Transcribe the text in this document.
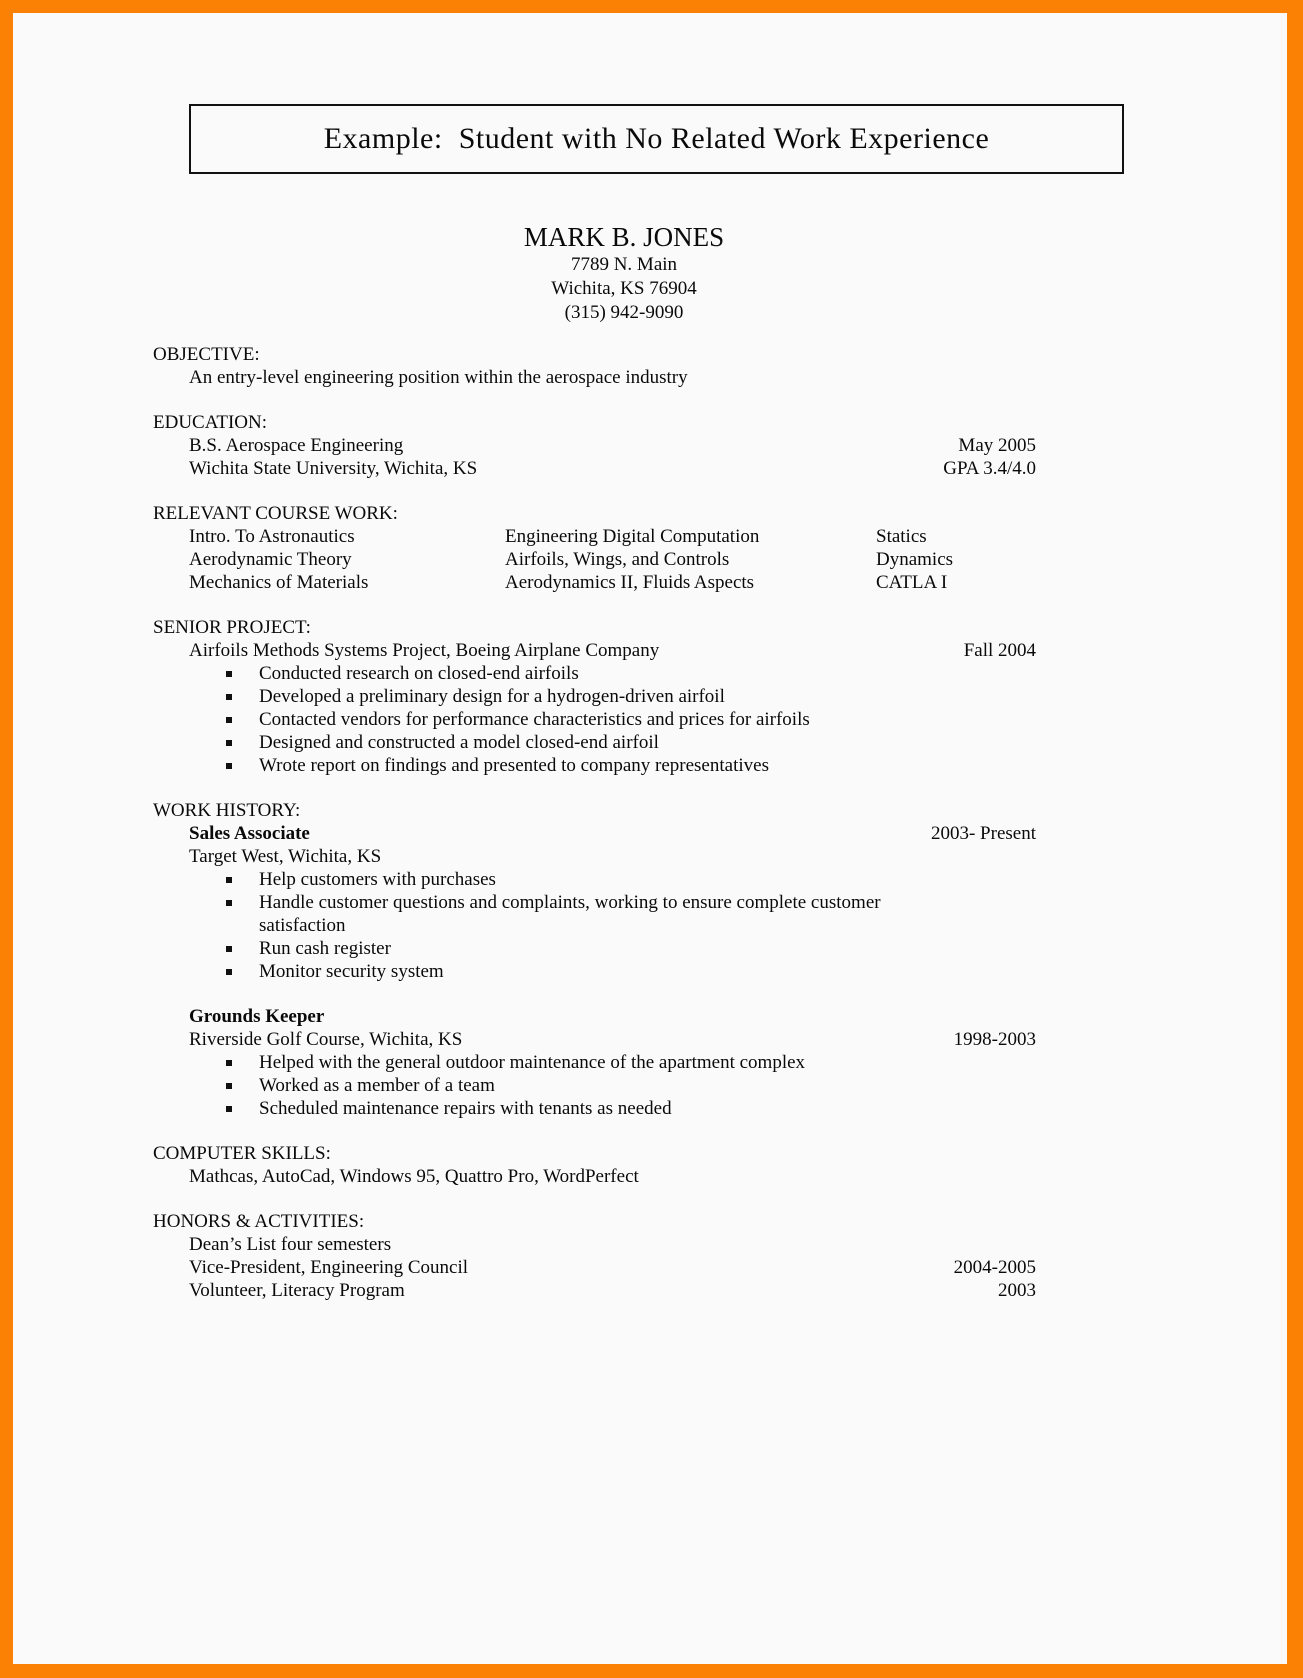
Example:  Student with No Related Work Experience
MARK B. JONES
7789 N. Main
Wichita, KS 76904
(315) 942-9090
OBJECTIVE:
An entry-level engineering position within the aerospace industry
EDUCATION:
B.S. Aerospace Engineering	May 2005
Wichita State University, Wichita, KS	GPA 3.4/4.0
RELEVANT COURSE WORK:
Intro. To Astronautics	Engineering Digital Computation	Statics
Aerodynamic Theory	Airfoils, Wings, and Controls	Dynamics
Mechanics of Materials	Aerodynamics II, Fluids Aspects	CATLA I
SENIOR PROJECT:
Airfoils Methods Systems Project, Boeing Airplane Company	Fall 2004
Conducted research on closed-end airfoils
Developed a preliminary design for a hydrogen-driven airfoil
Contacted vendors for performance characteristics and prices for airfoils
Designed and constructed a model closed-end airfoil
Wrote report on findings and presented to company representatives
WORK HISTORY:
Sales Associate	2003- Present
Target West, Wichita, KS
Help customers with purchases
Handle customer questions and complaints, working to ensure complete customer satisfaction
Run cash register
Monitor security system
Grounds Keeper
Riverside Golf Course, Wichita, KS	1998-2003
Helped with the general outdoor maintenance of the apartment complex
Worked as a member of a team
Scheduled maintenance repairs with tenants as needed
COMPUTER SKILLS:
Mathcas, AutoCad, Windows 95, Quattro Pro, WordPerfect
HONORS & ACTIVITIES:
Dean’s List four semesters
Vice-President, Engineering Council	2004-2005
Volunteer, Literacy Program	2003
